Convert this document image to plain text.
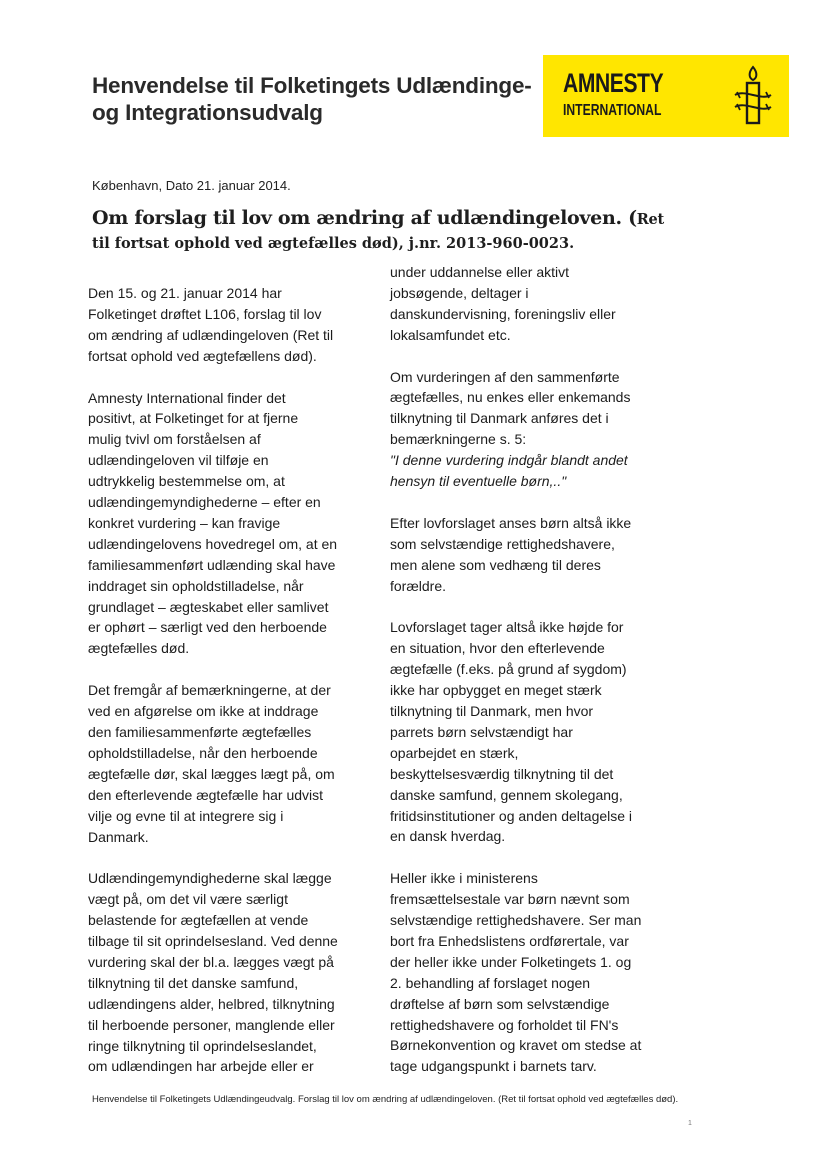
Henvendelse til Folketingets Udlændinge-
og Integrationsudvalg
AMNESTY
INTERNATIONAL
København, Dato 21. januar 2014.
Om forslag til lov om ændring af udlændingeloven. (Ret
til fortsat ophold ved ægtefælles død), j.nr. 2013-960-0023.

Den 15. og 21. januar 2014 har
Folketinget drøftet L106, forslag til lov
om ændring af udlændingeloven (Ret til
fortsat ophold ved ægtefællens død).

Amnesty International finder det
positivt, at Folketinget for at fjerne
mulig tvivl om forståelsen af
udlændingeloven vil tilføje en
udtrykkelig bestemmelse om, at
udlændingemyndighederne – efter en
konkret vurdering – kan fravige
udlændingelovens hovedregel om, at en
familiesammenført udlænding skal have
inddraget sin opholdstilladelse, når
grundlaget – ægteskabet eller samlivet
er ophørt – særligt ved den herboende
ægtefælles død.

Det fremgår af bemærkningerne, at der
ved en afgørelse om ikke at inddrage
den familiesammenførte ægtefælles
opholdstilladelse, når den herboende
ægtefælle dør, skal lægges lægt på, om
den efterlevende ægtefælle har udvist
vilje og evne til at integrere sig i
Danmark.

Udlændingemyndighederne skal lægge
vægt på, om det vil være særligt
belastende for ægtefællen at vende
tilbage til sit oprindelsesland. Ved denne
vurdering skal der bl.a. lægges vægt på
tilknytning til det danske samfund,
udlændingens alder, helbred, tilknytning
til herboende personer, manglende eller
ringe tilknytning til oprindelseslandet,
om udlændingen har arbejde eller er

under uddannelse eller aktivt
jobsøgende, deltager i
danskundervisning, foreningsliv eller
lokalsamfundet etc.

Om vurderingen af den sammenførte
ægtefælles, nu enkes eller enkemands
tilknytning til Danmark anføres det i
bemærkningerne s. 5:

"I denne vurdering indgår blandt andet
hensyn til eventuelle børn,.."

Efter lovforslaget anses børn altså ikke
som selvstændige rettighedshavere,
men alene som vedhæng til deres
forældre.

Lovforslaget tager altså ikke højde for
en situation, hvor den efterlevende
ægtefælle (f.eks. på grund af sygdom)
ikke har opbygget en meget stærk
tilknytning til Danmark, men hvor
parrets børn selvstændigt har
oparbejdet en stærk,
beskyttelsesværdig tilknytning til det
danske samfund, gennem skolegang,
fritidsinstitutioner og anden deltagelse i
en dansk hverdag.

Heller ikke i ministerens
fremsættelsestale var børn nævnt som
selvstændige rettighedshavere. Ser man
bort fra Enhedslistens ordførertale, var
der heller ikke under Folketingets 1. og
2. behandling af forslaget nogen
drøftelse af børn som selvstændige
rettighedshavere og forholdet til FN's
Børnekonvention og kravet om stedse at
tage udgangspunkt i barnets tarv.

Henvendelse til Folketingets Udlændingeudvalg. Forslag til lov om ændring af udlændingeloven. (Ret til fortsat ophold ved ægtefælles død).
1
